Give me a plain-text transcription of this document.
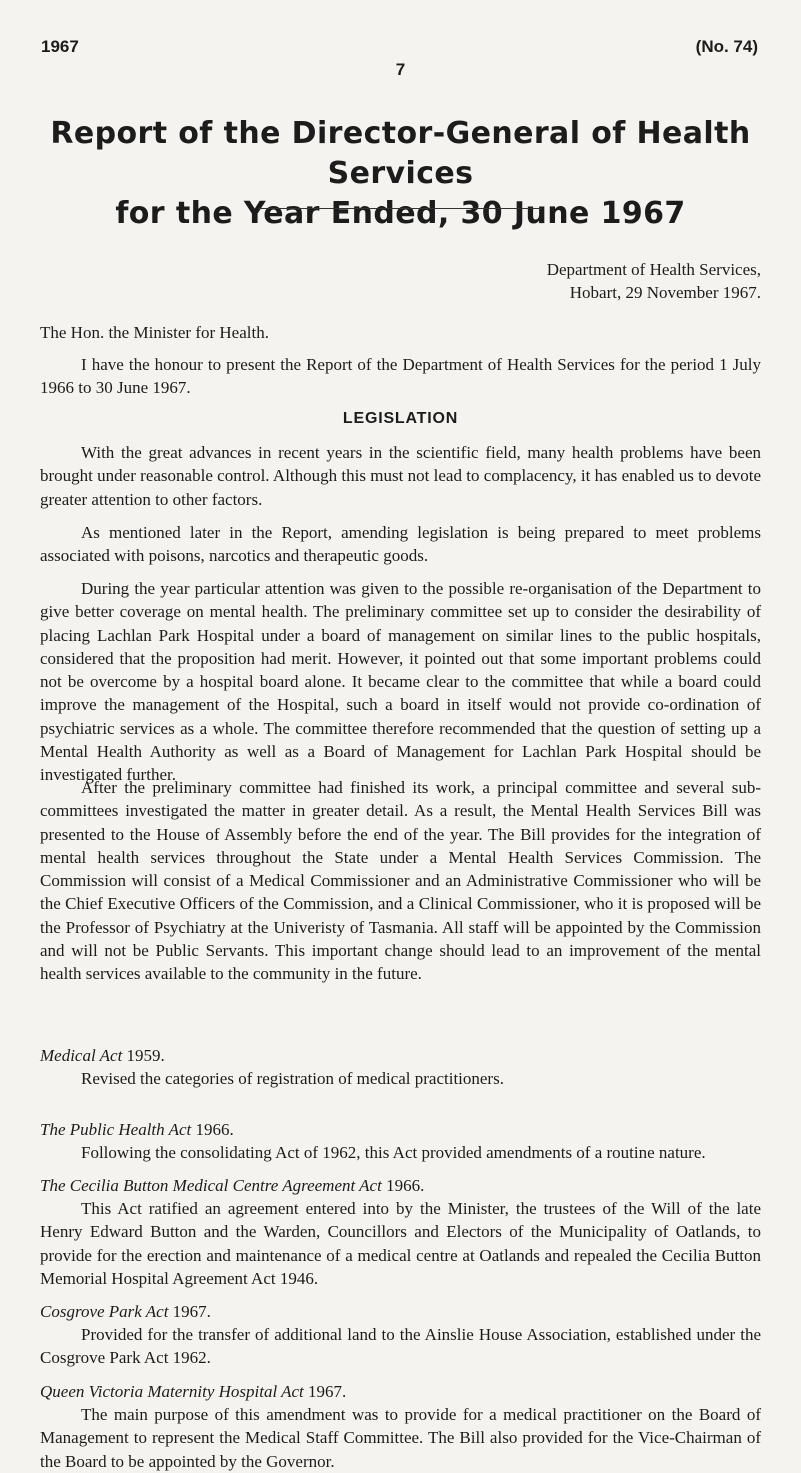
1967	(No. 74)
7
Report of the Director-General of Health Services
for the Year Ended, 30 June 1967
Department of Health Services,
Hobart, 29 November 1967.
The Hon. the Minister for Health.
I have the honour to present the Report of the Department of Health Services for the period 1 July 1966 to 30 June 1967.
LEGISLATION
With the great advances in recent years in the scientific field, many health problems have been brought under reasonable control. Although this must not lead to complacency, it has enabled us to devote greater attention to other factors.
As mentioned later in the Report, amending legislation is being prepared to meet problems associated with poisons, narcotics and therapeutic goods.
During the year particular attention was given to the possible re-organisation of the Department to give better coverage on mental health. The preliminary committee set up to consider the desirability of placing Lachlan Park Hospital under a board of management on similar lines to the public hospitals, considered that the proposition had merit. However, it pointed out that some important problems could not be overcome by a hospital board alone. It became clear to the committee that while a board could improve the management of the Hospital, such a board in itself would not provide co-ordination of psychiatric services as a whole. The committee therefore recommended that the question of setting up a Mental Health Authority as well as a Board of Management for Lachlan Park Hospital should be investigated further.
After the preliminary committee had finished its work, a principal committee and several sub-committees investigated the matter in greater detail. As a result, the Mental Health Services Bill was presented to the House of Assembly before the end of the year. The Bill provides for the integration of mental health services throughout the State under a Mental Health Services Commission. The Commission will consist of a Medical Commissioner and an Administrative Commissioner who will be the Chief Executive Officers of the Commission, and a Clinical Commissioner, who it is proposed will be the Professor of Psychiatry at the Univeristy of Tasmania. All staff will be appointed by the Commission and will not be Public Servants. This important change should lead to an improvement of the mental health services available to the community in the future.
Medical Act 1959.
Revised the categories of registration of medical practitioners.
The Public Health Act 1966.
Following the consolidating Act of 1962, this Act provided amendments of a routine nature.
The Cecilia Button Medical Centre Agreement Act 1966.
This Act ratified an agreement entered into by the Minister, the trustees of the Will of the late Henry Edward Button and the Warden, Councillors and Electors of the Municipality of Oatlands, to provide for the erection and maintenance of a medical centre at Oatlands and repealed the Cecilia Button Memorial Hospital Agreement Act 1946.
Cosgrove Park Act 1967.
Provided for the transfer of additional land to the Ainslie House Association, established under the Cosgrove Park Act 1962.
Queen Victoria Maternity Hospital Act 1967.
The main purpose of this amendment was to provide for a medical practitioner on the Board of Management to represent the Medical Staff Committee. The Bill also provided for the Vice-Chairman of the Board to be appointed by the Governor.
